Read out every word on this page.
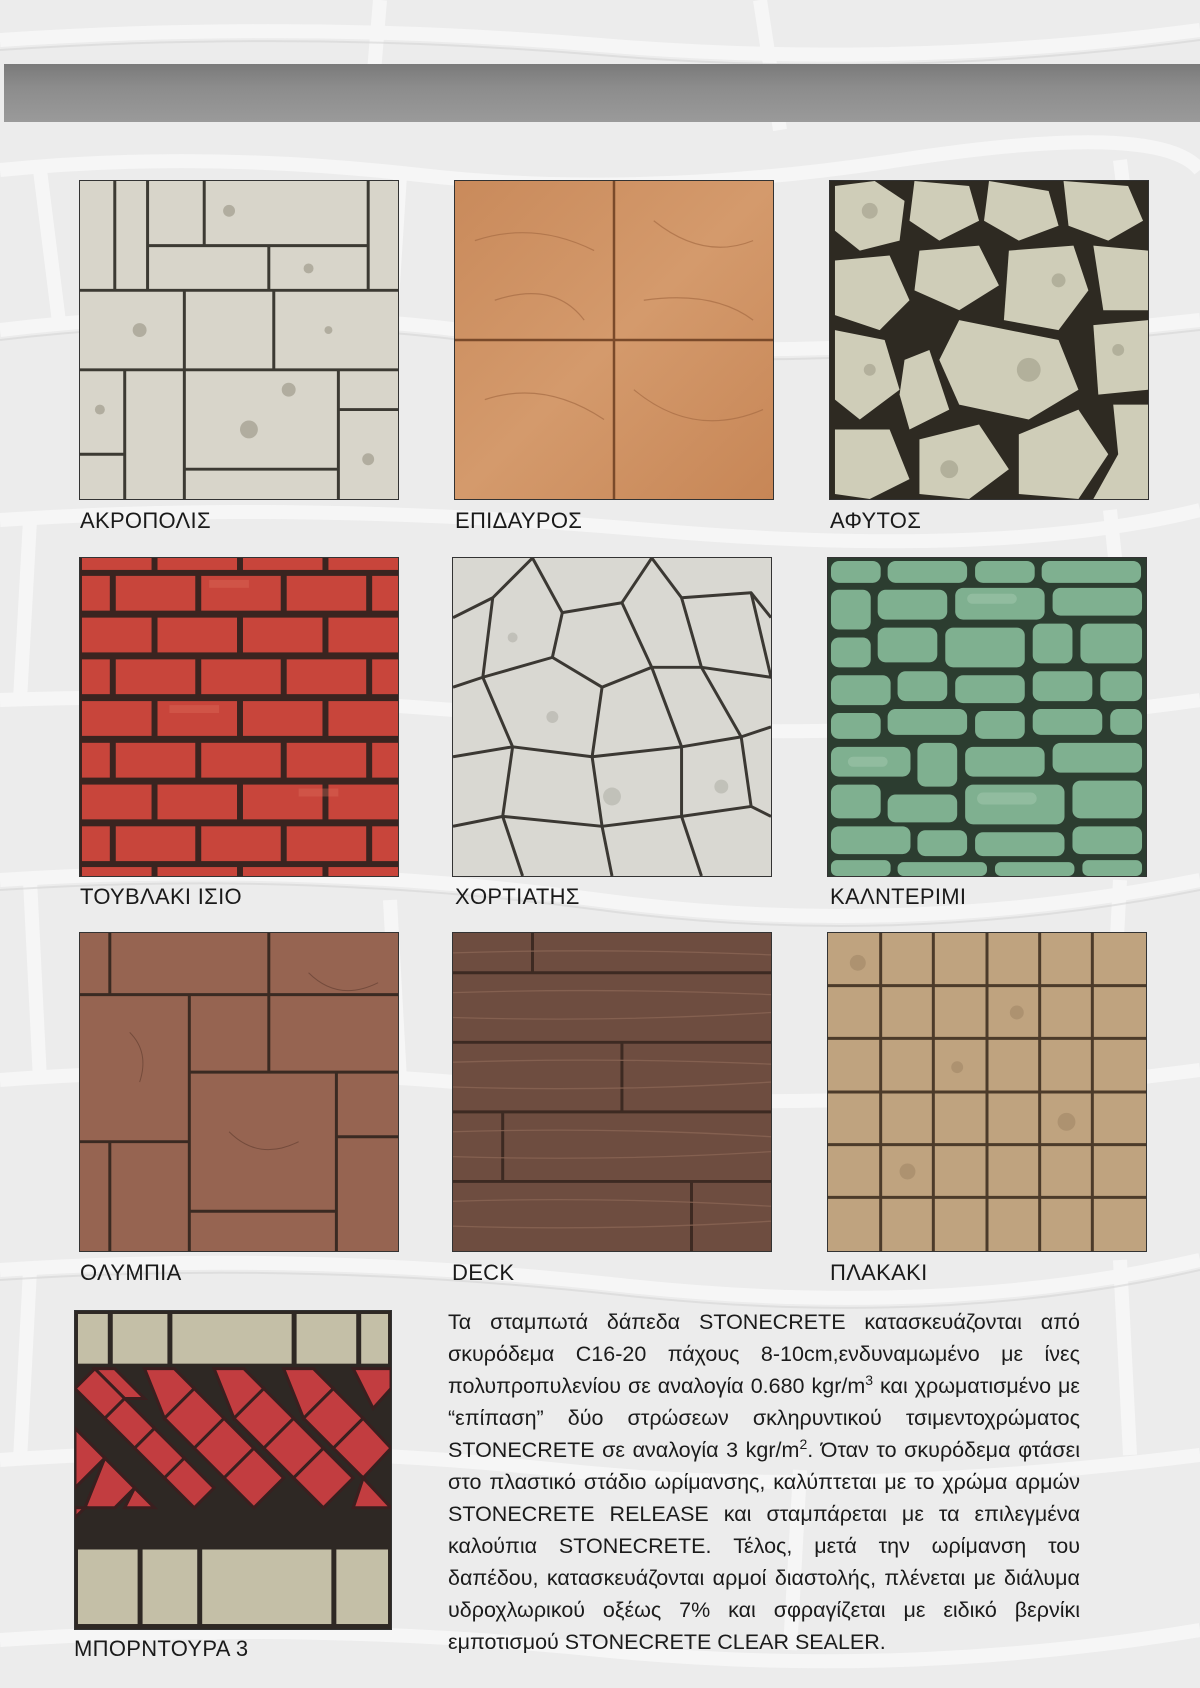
ΑΚΡΟΠΟΛΙΣ	ΕΠΙΔΑΥΡΟΣ	ΑΦΥΤΟΣ
ΤΟΥΒΛΑΚΙ ΙΣΙΟ	ΧΟΡΤΙΑΤΗΣ	ΚΑΛΝΤΕΡΙΜΙ
ΟΛΥΜΠΙΑ	DECK	ΠΛΑΚΑΚΙ
ΜΠΟΡΝΤΟΥΡΑ 3
Τα σταμπωτά δάπεδα STONECRETE κατασκευάζονται από σκυρόδεμα C16-20 πάχους 8-10cm,ενδυναμωμένο με ίνες πολυπροπυλενίου σε αναλογία 0.680 kgr/$m^3$ και χρωματισμένο με “επίπαση” δύο στρώσεων σκληρυντικού τσιμεντοχρώματος STONECRETE σε αναλογία 3 kgr/$m^2$. Όταν το σκυρόδεμα φτάσει στο πλαστικό στάδιο ωρίμανσης, καλύπτεται με το χρώμα αρμών STONECRETE RELEASE και σταμπάρεται με τα επιλεγμένα καλούπια STONECRETE. Τέλος, μετά την ωρίμανση του δαπέδου, κατασκευάζονται αρμοί διαστολής, πλένεται με διάλυμα υδροχλωρικού οξέως 7% και σφραγίζεται με ειδικό βερνίκι εμποτισμού STONECRETE CLEAR SEALER.
